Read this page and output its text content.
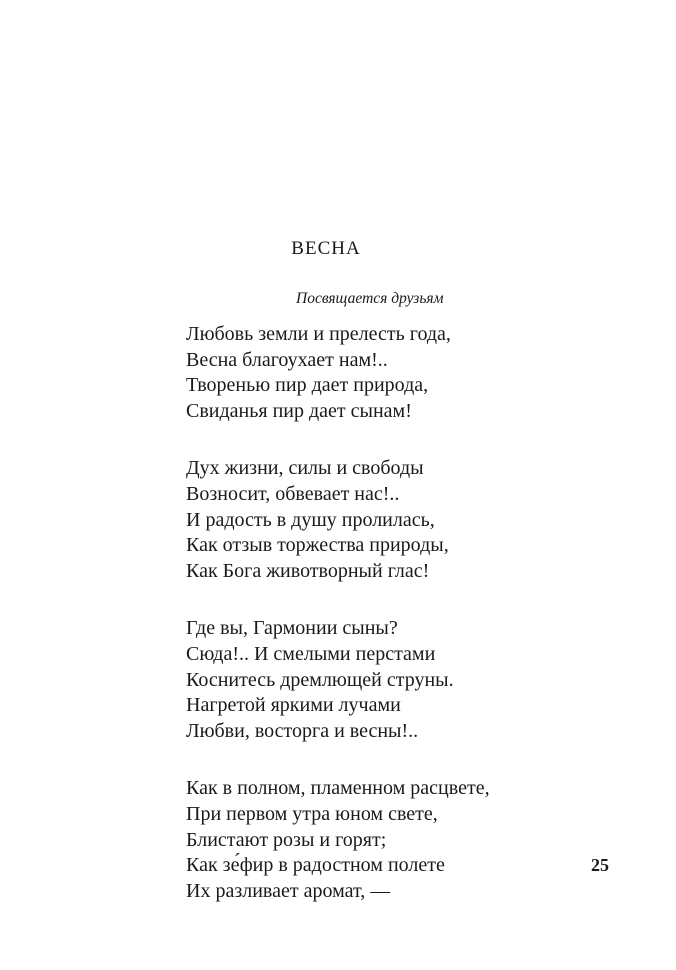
ВЕСНА
Посвящается друзьям
Любовь земли и прелесть года,
Весна благоухает нам!..
Творенью пир дает природа,
Свиданья пир дает сынам!
Дух жизни, силы и свободы
Возносит, обвевает нас!..
И радость в душу пролилась,
Как отзыв торжества природы,
Как Бога животворный глас!
Где вы, Гармонии сыны?
Сюда!.. И смелыми перстами
Коснитесь дремлющей струны.
Нагретой яркими лучами
Любви, восторга и весны!..
Как в полном, пламенном расцвете,
При первом утра юном свете,
Блистают розы и горят;
Как зе́фир в радостном полете
Их разливает аромат, —
25
